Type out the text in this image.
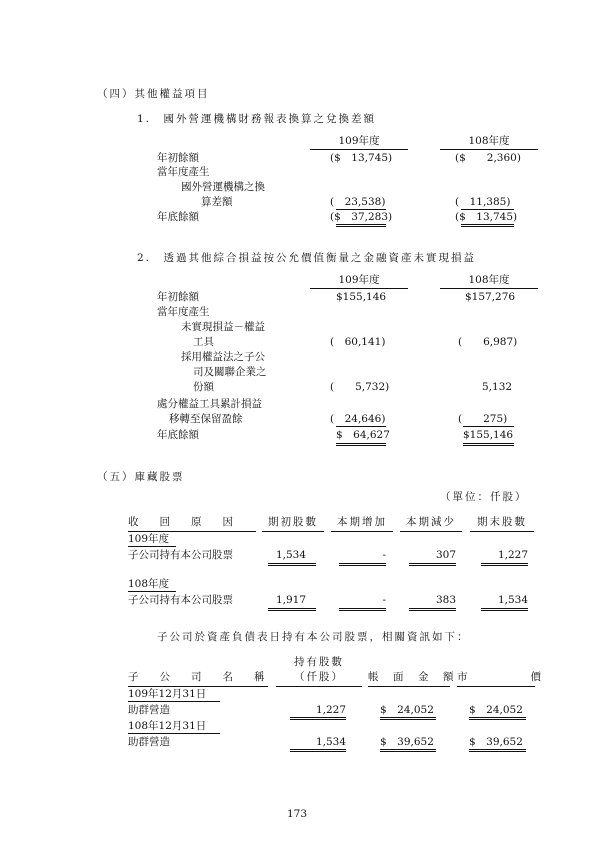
（四）其他權益項目
1.　國外營運機構財務報表換算之兌換差額
109年度	108年度
年初餘額	($　13,745)	($　　2,360)
當年度產生
國外營運機構之換
算差額	(　23,538)	(　11,385)
年底餘額	($　37,283)	($　13,745)
2.　透過其他綜合損益按公允價值衡量之金融資產未實現損益
109年度	108年度
年初餘額	$155,146	$157,276
當年度產生
未實現損益－權益
工具	(　60,141)	(　　6,987)
採用權益法之子公
司及關聯企業之
份額	(　　5,732)	5,132
處分權益工具累計損益
移轉至保留盈餘	(　24,646)	(　　275)
年底餘額	$　64,627	$155,146
（五）庫藏股票
（單位：仟股）
收　　回　　原　　因	期初股數	本期增加	本期減少	期末股數
109年度
子公司持有本公司股票	1,534	-	307	1,227
108年度
子公司持有本公司股票	1,917	-	383	1,534
子公司於資產負債表日持有本公司股票，相關資訊如下：
持有股數
子　　公　　司　　名　　稱	（仟股）	帳　面　金　額 市　　　　　　價
109年12月31日
助群營造	1,227	$　24,052	$　24,052
108年12月31日
助群營造	1,534	$　39,652	$　39,652
173
